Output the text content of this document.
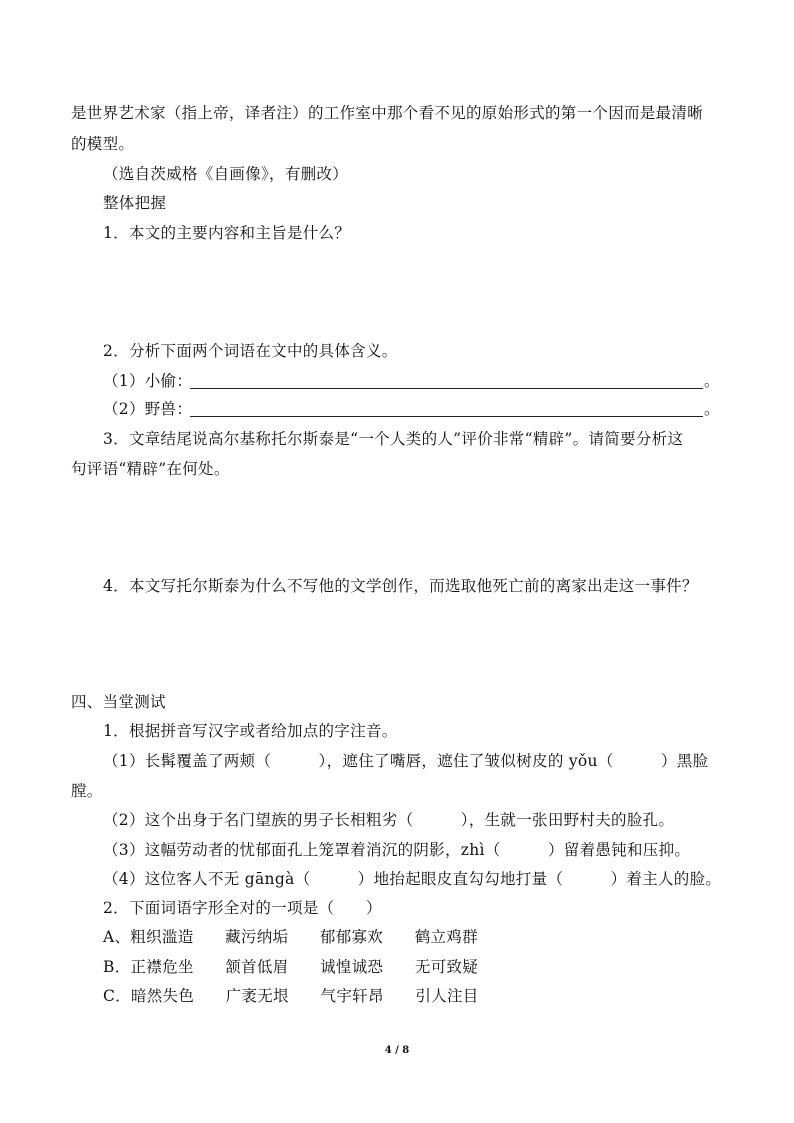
是世界艺术家（指上帝，译者注）的工作室中那个看不见的原始形式的第一个因而是最清晰
的模型。
（选自茨威格《自画像》，有删改）
整体把握
1．本文的主要内容和主旨是什么？
2．分析下面两个词语在文中的具体含义。
（1）小偷：	。
（2）野兽：	。
3．文章结尾说高尔基称托尔斯泰是“一个人类的人”评价非常“精辟”。请简要分析这
句评语“精辟”在何处。
4．本文写托尔斯泰为什么不写他的文学创作，而选取他死亡前的离家出走这一事件？
四、当堂测试
1．根据拼音写汉字或者给加点的字注音。
（1）长髯覆盖了两颊（　　　），遮住了嘴唇，遮住了皱似树皮的 yǒu（　　　）黑脸
膛。
（2）这个出身于名门望族的男子长相粗劣（　　　），生就一张田野村夫的脸孔。
（3）这幅劳动者的忧郁面孔上笼罩着消沉的阴影，zhì（　　　）留着愚钝和压抑。
（4）这位客人不无 gāngà（　　　）地抬起眼皮直勾勾地打量（　　　）着主人的脸。
2．下面词语字形全对的一项是（　　）
A、粗织滥造　　藏污纳垢　　郁郁寡欢　　鹤立鸡群
B．正襟危坐　　颔首低眉　　诚惶诚恐　　无可致疑
C．暗然失色　　广袤无垠　　气宇轩昂　　引人注目
4 / 8
